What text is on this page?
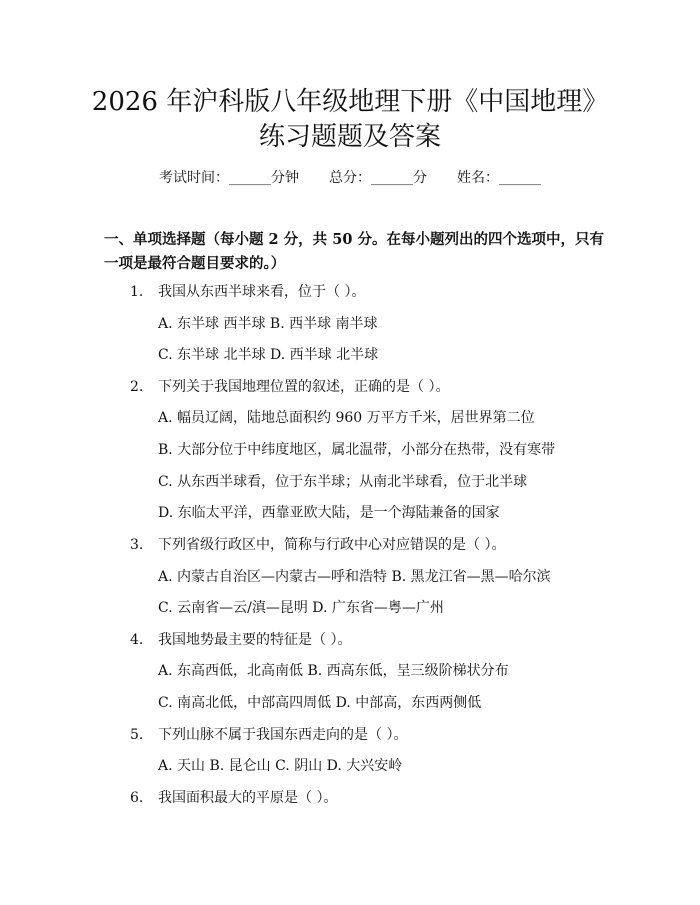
2026 年沪科版八年级地理下册《中国地理》
练习题题及答案
考试时间：______分钟 总分：______分 姓名：______
一、单项选择题（每小题 2 分，共 50 分。在每小题列出的四个选项中，只有一项是最符合题目要求的。）
1. 我国从东西半球来看，位于（ ）。
A. 东半球 西半球 B. 西半球 南半球
C. 东半球 北半球 D. 西半球 北半球
2. 下列关于我国地理位置的叙述，正确的是（ ）。
A. 幅员辽阔，陆地总面积约 960 万平方千米，居世界第二位
B. 大部分位于中纬度地区，属北温带，小部分在热带，没有寒带
C. 从东西半球看，位于东半球；从南北半球看，位于北半球
D. 东临太平洋，西靠亚欧大陆，是一个海陆兼备的国家
3. 下列省级行政区中，简称与行政中心对应错误的是（ ）。
A. 内蒙古自治区—内蒙古—呼和浩特 B. 黑龙江省—黑—哈尔滨
C. 云南省—云/滇—昆明 D. 广东省—粤—广州
4. 我国地势最主要的特征是（ ）。
A. 东高西低，北高南低 B. 西高东低，呈三级阶梯状分布
C. 南高北低，中部高四周低 D. 中部高，东西两侧低
5. 下列山脉不属于我国东西走向的是（ ）。
A. 天山 B. 昆仑山 C. 阴山 D. 大兴安岭
6. 我国面积最大的平原是（ ）。
